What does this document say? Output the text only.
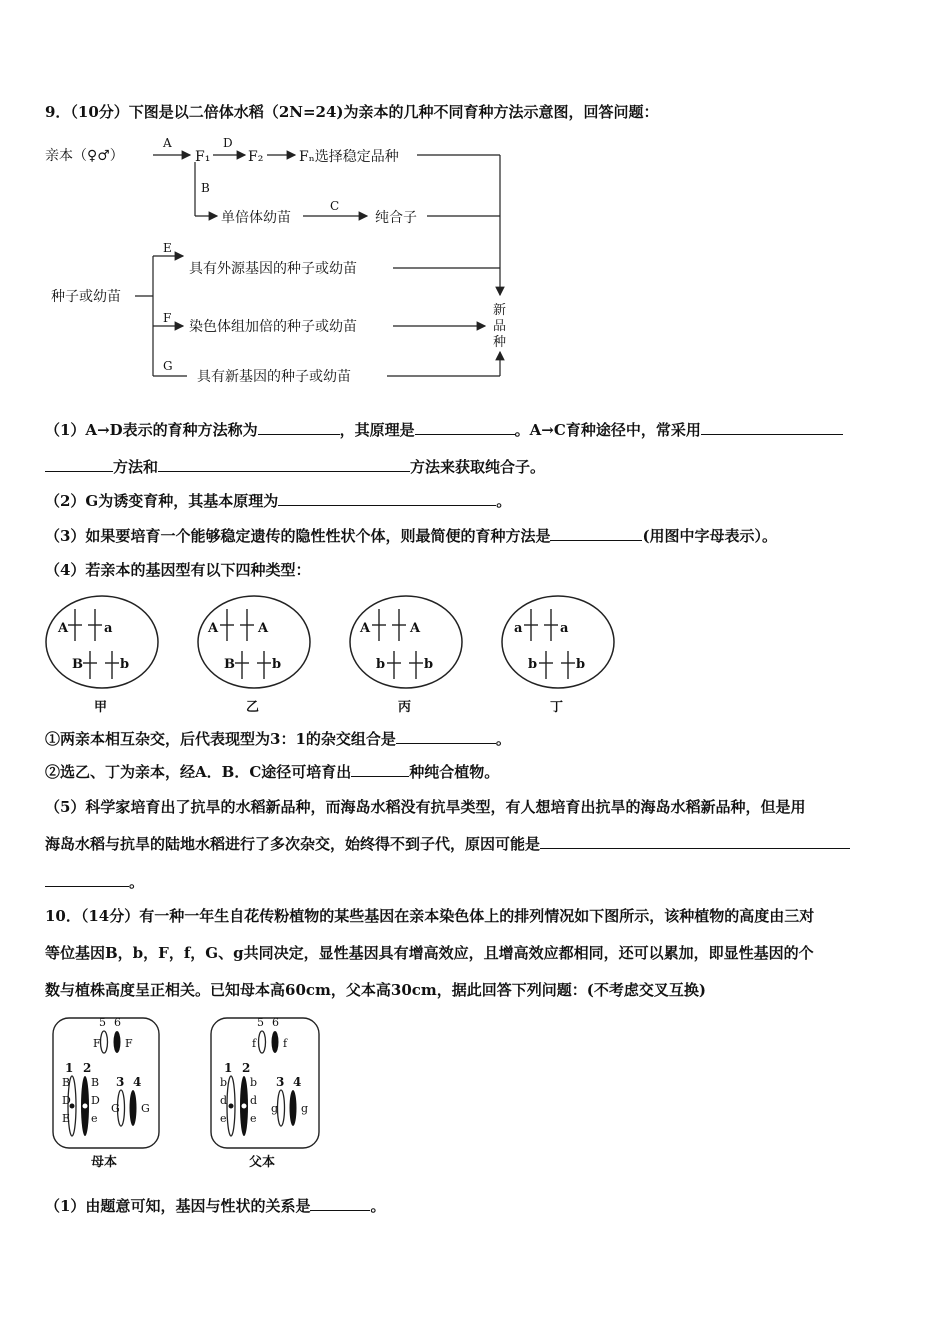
9．（10分）下图是以二倍体水稻（2N=24)为亲本的几种不同育种方法示意图，回答问题：
亲本（♀♂）
A
F₁
D
F₂	Fₙ选择稳定品种
B
单倍体幼苗
C
纯合子
种子或幼苗
E
具有外源基因的种子或幼苗
F
染色体组加倍的种子或幼苗
G
具有新基因的种子或幼苗
新
品
种
（1）A→D表示的育种方法称为	，其原理是	。A→C育种途径中，常采用
方法和	方法来获取纯合子。
（2）G为诱变育种，其基本原理为	。
（3）如果要培育一个能够稳定遗传的隐性性状个体，则最简便的育种方法是	(用图中字母表示）。
（4）若亲本的基因型有以下四种类型：
A	a
B	b
甲
A	A
B	b
乙
A	A
b	b
丙
a	a
b	b
丁
①两亲本相互杂交，后代表现型为3：1的杂交组合是	。
②选乙、丁为亲本，经A．B．C途径可培育出	种纯合植物。
（5）科学家培育出了抗旱的水稻新品种，而海岛水稻没有抗旱类型，有人想培育出抗旱的海岛水稻新品种，但是用
海岛水稻与抗旱的陆地水稻进行了多次杂交，始终得不到子代，原因可能是
。
10．（14分）有一种一年生自花传粉植物的某些基因在亲本染色体上的排列情况如下图所示，该种植物的高度由三对
等位基因B，b，F，f，G、g共同决定，显性基因具有增高效应，且增高效应都相同，还可以累加，即显性基因的个
数与植株高度呈正相关。已知母本高60cm，父本高30cm，据此回答下列问题：(不考虑交叉互换)
5 6
F F
1 2
B
D
E
B
D
e
3 4
G G
母本
5 6
f f
1 2
b
d
e
b
d
e
3 4
g g
父本
（1）由题意可知，基因与性状的关系是	。
